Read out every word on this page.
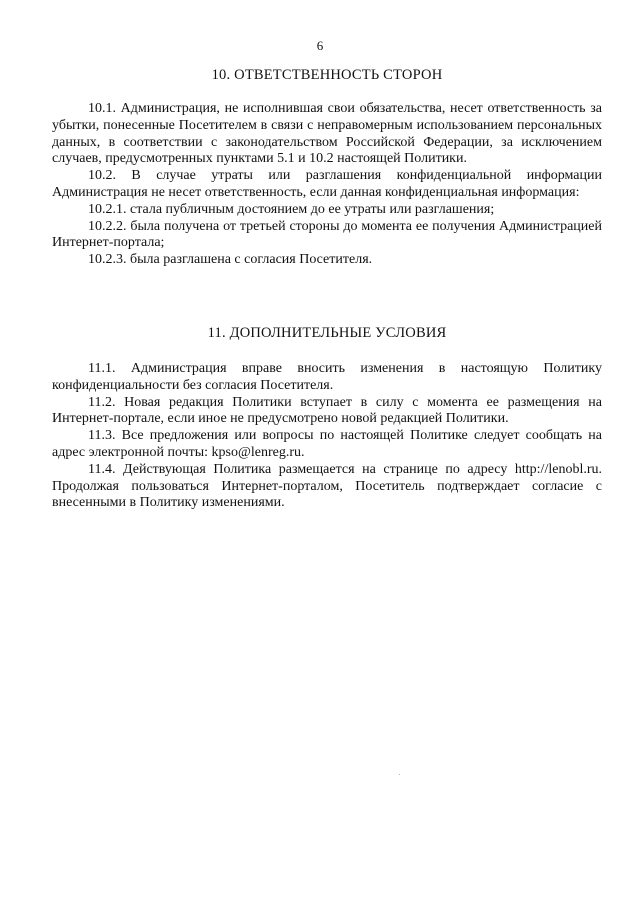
6
10. ОТВЕТСТВЕННОСТЬ СТОРОН

10.1. Администрация, не исполнившая свои обязательства, несет ответственность за убытки, понесенные Посетителем в связи с неправомерным использованием персональных данных, в соответствии с законодательством Российской Федерации, за исключением случаев, предусмотренных пунктами 5.1 и 10.2 настоящей Политики.

10.2. В случае утраты или разглашения конфиденциальной информации Администрация не несет ответственность, если данная конфиденциальная информация:

10.2.1. стала публичным достоянием до ее утраты или разглашения;

10.2.2. была получена от третьей стороны до момента ее получения Администрацией Интернет-портала;

10.2.3. была разглашена с согласия Посетителя.

11. ДОПОЛНИТЕЛЬНЫЕ УСЛОВИЯ

11.1. Администрация вправе вносить изменения в настоящую Политику конфиденциальности без согласия Посетителя.

11.2. Новая редакция Политики вступает в силу с момента ее размещения на Интернет-портале, если иное не предусмотрено новой редакцией Политики.

11.3. Все предложения или вопросы по настоящей Политике следует сообщать на адрес электронной почты: kpso@lenreg.ru.

11.4. Действующая Политика размещается на странице по адресу http://lenobl.ru. Продолжая пользоваться Интернет-порталом, Посетитель подтверждает согласие с внесенными в Политику изменениями.
